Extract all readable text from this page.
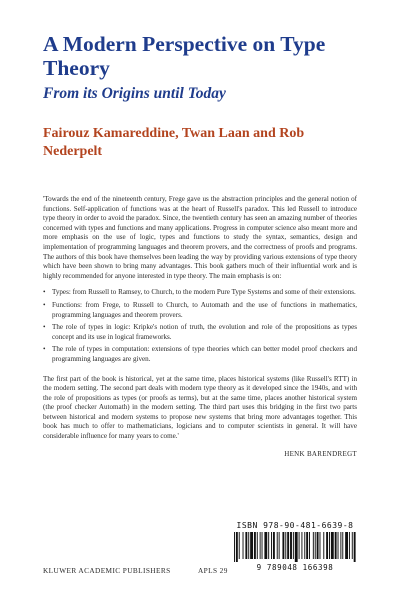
A Modern Perspective on Type Theory
From its Origins until Today
Fairouz Kamareddine, Twan Laan and Rob Nederpelt

'Towards the end of the nineteenth century, Frege gave us the abstraction principles and the general notion of functions. Self-application of functions was at the heart of Russell's paradox. This led Russell to introduce type theory in order to avoid the paradox. Since, the twentieth century has seen an amazing number of theories concerned with types and functions and many applications. Progress in computer science also meant more and more emphasis on the use of logic, types and functions to study the syntax, semantics, design and implementation of programming languages and theorem provers, and the correctness of proofs and programs. The authors of this book have themselves been leading the way by providing various extensions of type theory which have been shown to bring many advantages. This book gathers much of their influential work and is highly recommended for anyone interested in type theory. The main emphasis is on:

• Types: from Russell to Ramsey, to Church, to the modern Pure Type Systems and some of their extensions.
• Functions: from Frege, to Russell to Church, to Automath and the use of functions in mathematics, programming languages and theorem provers.
• The role of types in logic: Kripke's notion of truth, the evolution and role of the propositions as types concept and its use in logical frameworks.
• The role of types in computation: extensions of type theories which can better model proof checkers and programming languages are given.

The first part of the book is historical, yet at the same time, places historical systems (like Russell's RTT) in the modern setting. The second part deals with modern type theory as it developed since the 1940s, and with the role of propositions as types (or proofs as terms), but at the same time, places another historical system (the proof checker Automath) in the modern setting. The third part uses this bridging in the first two parts between historical and modern systems to propose new systems that bring more advantages together. This book has much to offer to mathematicians, logicians and to computer scientists in general. It will have considerable influence for many years to come.'

HENK BARENDREGT
ISBN 978-90-481-6639-8
9 789048 166398
KLUWER ACADEMIC PUBLISHERS	APLS 29
